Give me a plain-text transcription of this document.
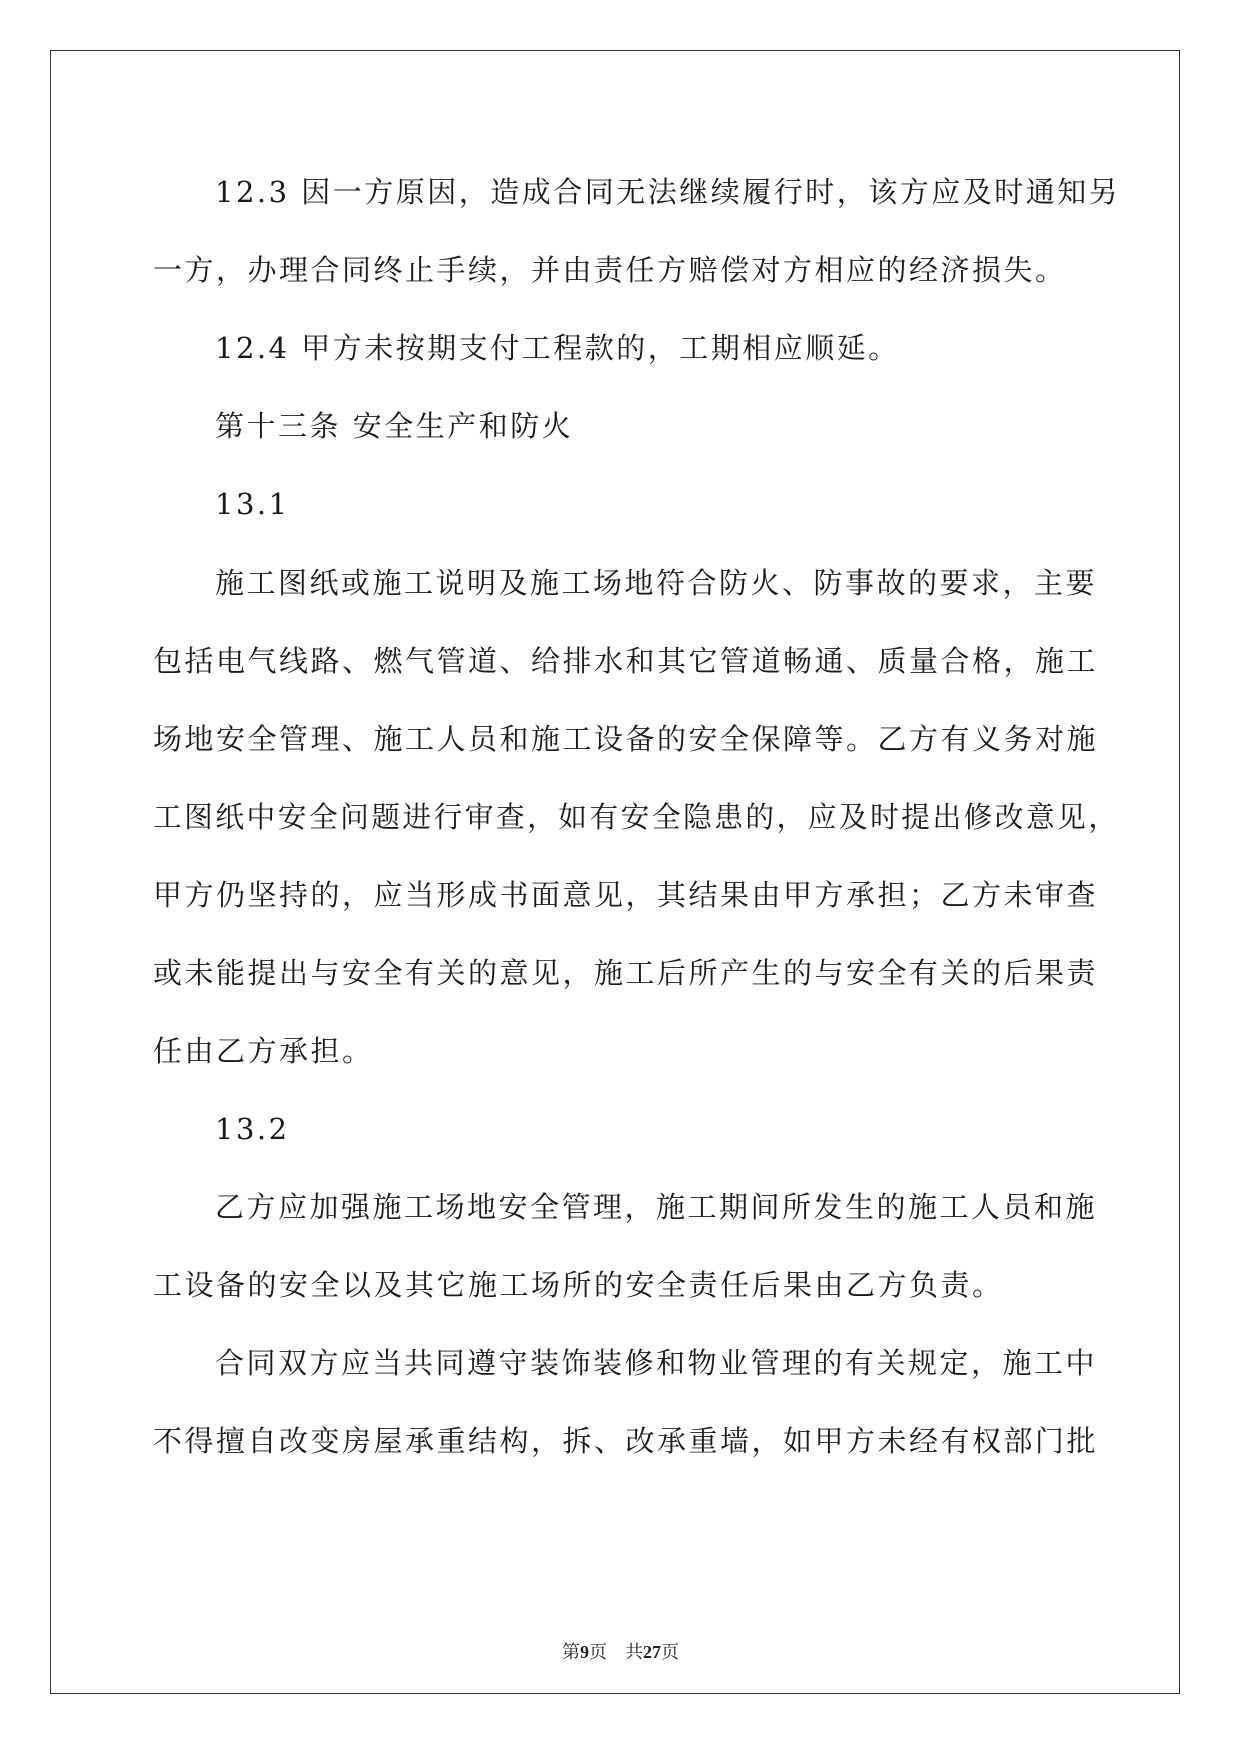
12.3 因一方原因，造成合同无法继续履行时，该方应及时通知另
一方，办理合同终止手续，并由责任方赔偿对方相应的经济损失。
12.4 甲方未按期支付工程款的，工期相应顺延。
第十三条 安全生产和防火
13.1
施工图纸或施工说明及施工场地符合防火、防事故的要求，主要
包括电气线路、燃气管道、给排水和其它管道畅通、质量合格，施工
场地安全管理、施工人员和施工设备的安全保障等。乙方有义务对施
工图纸中安全问题进行审查，如有安全隐患的，应及时提出修改意见，
甲方仍坚持的，应当形成书面意见，其结果由甲方承担；乙方未审查
或未能提出与安全有关的意见，施工后所产生的与安全有关的后果责
任由乙方承担。
13.2
乙方应加强施工场地安全管理，施工期间所发生的施工人员和施
工设备的安全以及其它施工场所的安全责任后果由乙方负责。
合同双方应当共同遵守装饰装修和物业管理的有关规定，施工中
不得擅自改变房屋承重结构，拆、改承重墙，如甲方未经有权部门批
第9页　共27页
